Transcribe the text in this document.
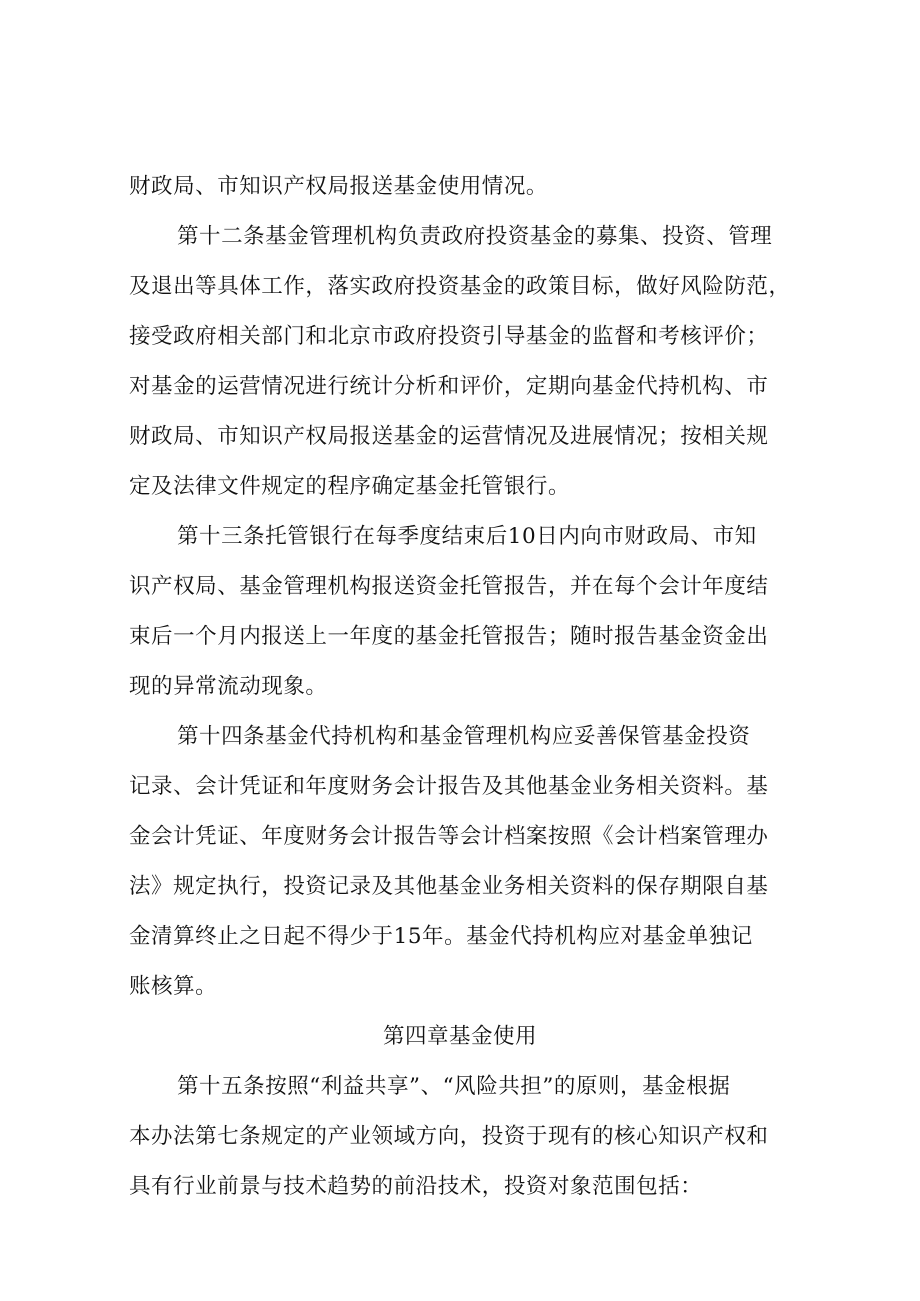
财政局、市知识产权局报送基金使用情况。
第十二条基金管理机构负责政府投资基金的募集、投资、管理
及退出等具体工作，落实政府投资基金的政策目标，做好风险防范，
接受政府相关部门和北京市政府投资引导基金的监督和考核评价；
对基金的运营情况进行统计分析和评价，定期向基金代持机构、市
财政局、市知识产权局报送基金的运营情况及进展情况；按相关规
定及法律文件规定的程序确定基金托管银行。
第十三条托管银行在每季度结束后10日内向市财政局、市知
识产权局、基金管理机构报送资金托管报告，并在每个会计年度结
束后一个月内报送上一年度的基金托管报告；随时报告基金资金出
现的异常流动现象。
第十四条基金代持机构和基金管理机构应妥善保管基金投资
记录、会计凭证和年度财务会计报告及其他基金业务相关资料。基
金会计凭证、年度财务会计报告等会计档案按照《会计档案管理办
法》规定执行，投资记录及其他基金业务相关资料的保存期限自基
金清算终止之日起不得少于15年。基金代持机构应对基金单独记
账核算。
第四章基金使用
第十五条按照“利益共享”、“风险共担”的原则，基金根据
本办法第七条规定的产业领域方向，投资于现有的核心知识产权和
具有行业前景与技术趋势的前沿技术，投资对象范围包括：
